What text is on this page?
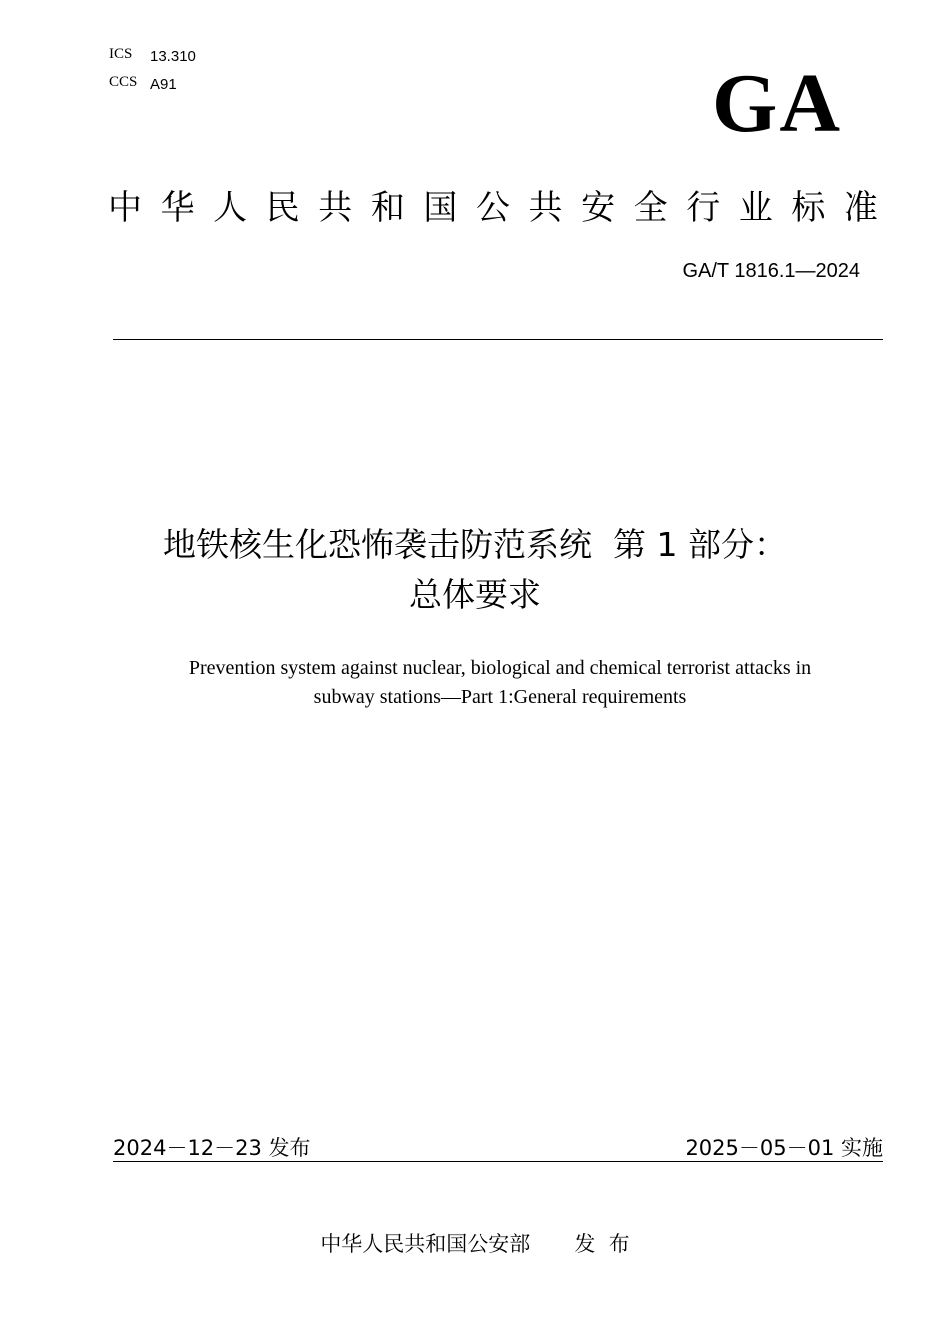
ICS 13.310
CCS A91	GA
中 华 人 民 共 和 国 公 共 安 全 行 业 标 准
GA/T 1816.1—2024
地铁核生化恐怖袭击防范系统  第 1 部分：
总体要求
Prevention system against nuclear, biological and chemical terrorist attacks in
subway stations—Part 1:General requirements
2024－12－23 发布	2025－05－01 实施
中华人民共和国公安部 发  布
